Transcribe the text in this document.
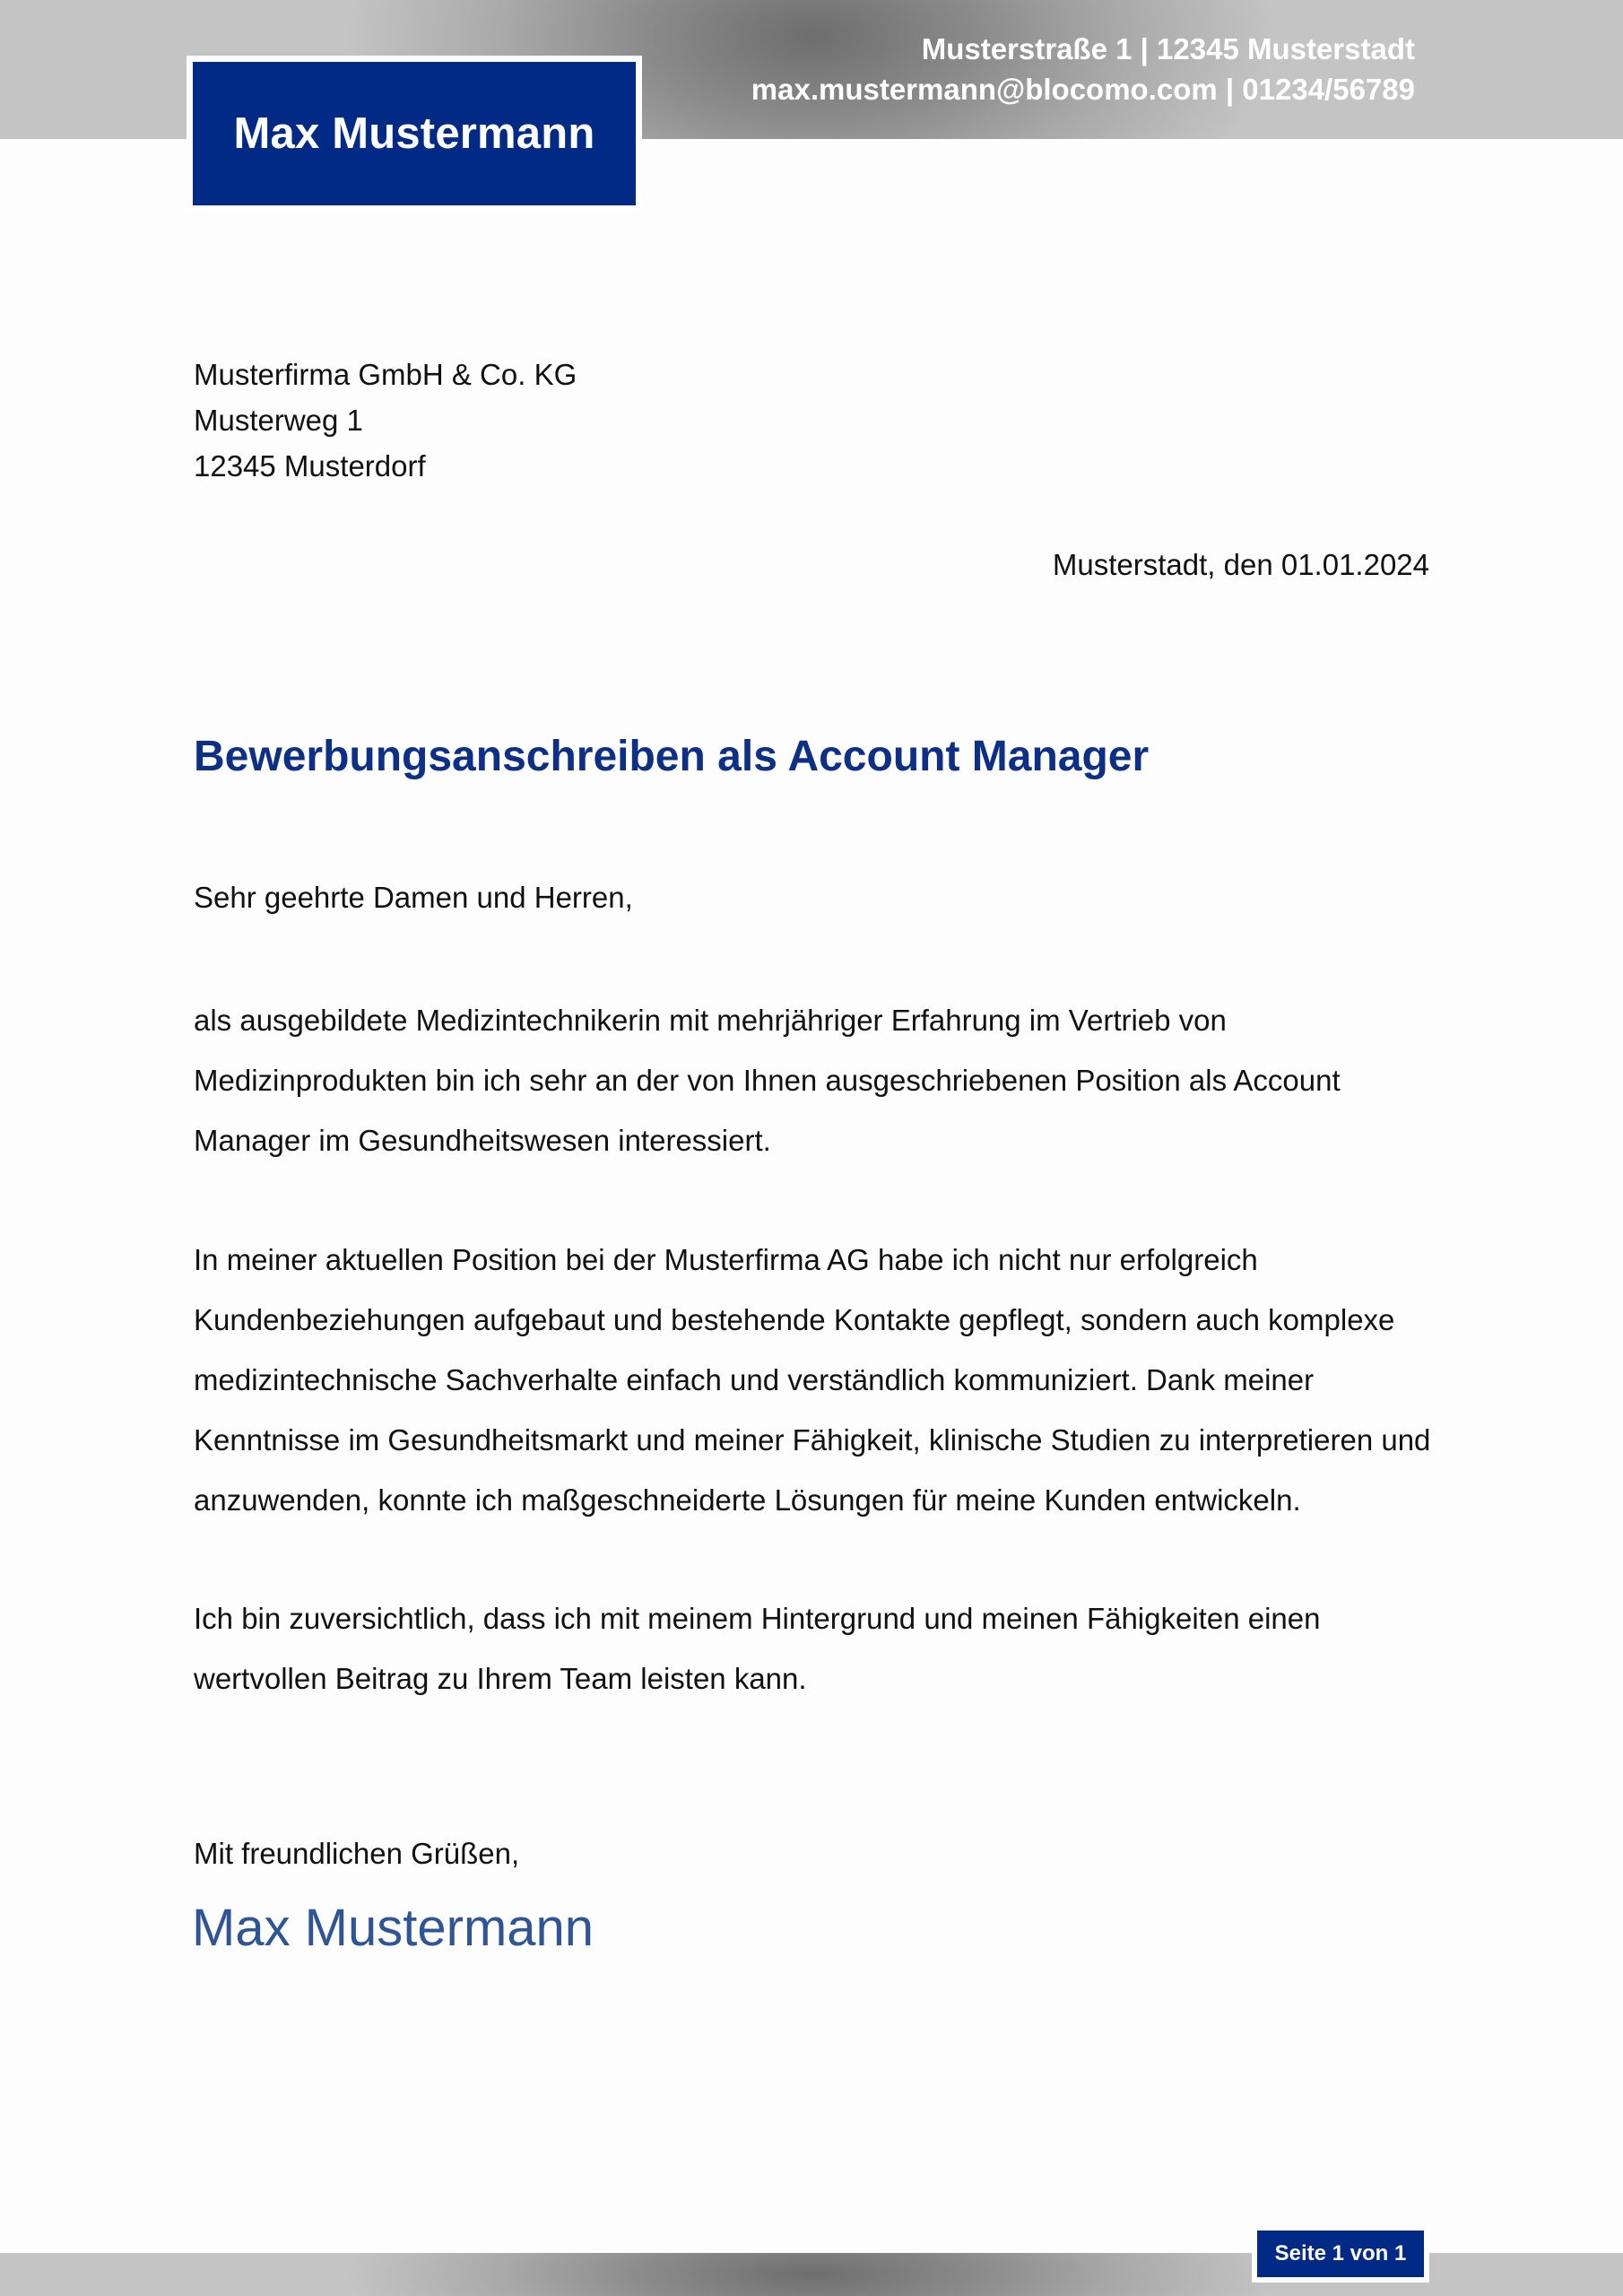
Max Mustermann
Musterstraße 1 | 12345 Musterstadt
max.mustermann@blocomo.com | 01234/56789
Musterfirma GmbH & Co. KG
Musterweg 1
12345 Musterdorf
Musterstadt, den 01.01.2024
Bewerbungsanschreiben als Account Manager
Sehr geehrte Damen und Herren,
als ausgebildete Medizintechnikerin mit mehrjähriger Erfahrung im Vertrieb von Medizinprodukten bin ich sehr an der von Ihnen ausgeschriebenen Position als Account Manager im Gesundheitswesen interessiert.
In meiner aktuellen Position bei der Musterfirma AG habe ich nicht nur erfolgreich Kundenbeziehungen aufgebaut und bestehende Kontakte gepflegt, sondern auch komplexe medizintechnische Sachverhalte einfach und verständlich kommuniziert. Dank meiner Kenntnisse im Gesundheitsmarkt und meiner Fähigkeit, klinische Studien zu interpretieren und anzuwenden, konnte ich maßgeschneiderte Lösungen für meine Kunden entwickeln.
Ich bin zuversichtlich, dass ich mit meinem Hintergrund und meinen Fähigkeiten einen wertvollen Beitrag zu Ihrem Team leisten kann.
Mit freundlichen Grüßen,
Max Mustermann
Seite 1 von 1
